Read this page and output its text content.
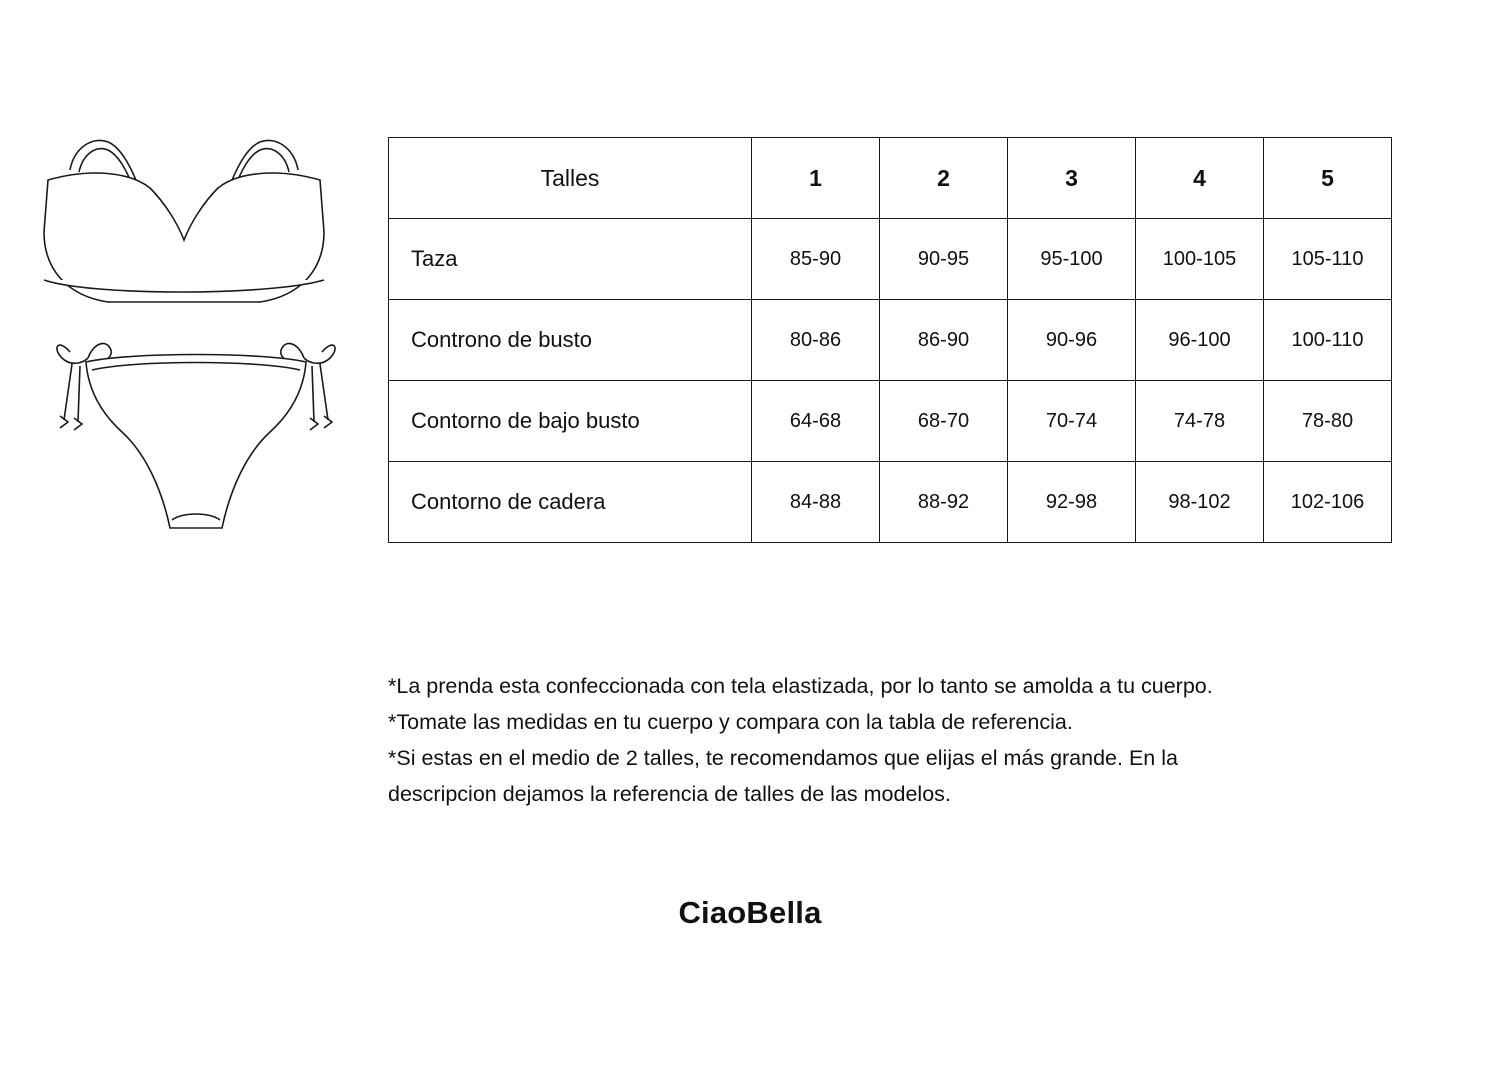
Talles	1	2	3	4	5
Taza	85-90	90-95	95-100	100-105	105-110
Controno de busto	80-86	86-90	90-96	96-100	100-110
Contorno de bajo busto	64-68	68-70	70-74	74-78	78-80
Contorno de cadera	84-88	88-92	92-98	98-102	102-106

*La prenda esta confeccionada con tela elastizada, por lo tanto se amolda a tu cuerpo.

*Tomate las medidas en tu cuerpo y compara con la tabla de referencia.

*Si estas en el medio de 2 talles, te recomendamos que elijas el más grande. En la

descripcion dejamos la referencia de talles de las modelos.

CiaoBella
